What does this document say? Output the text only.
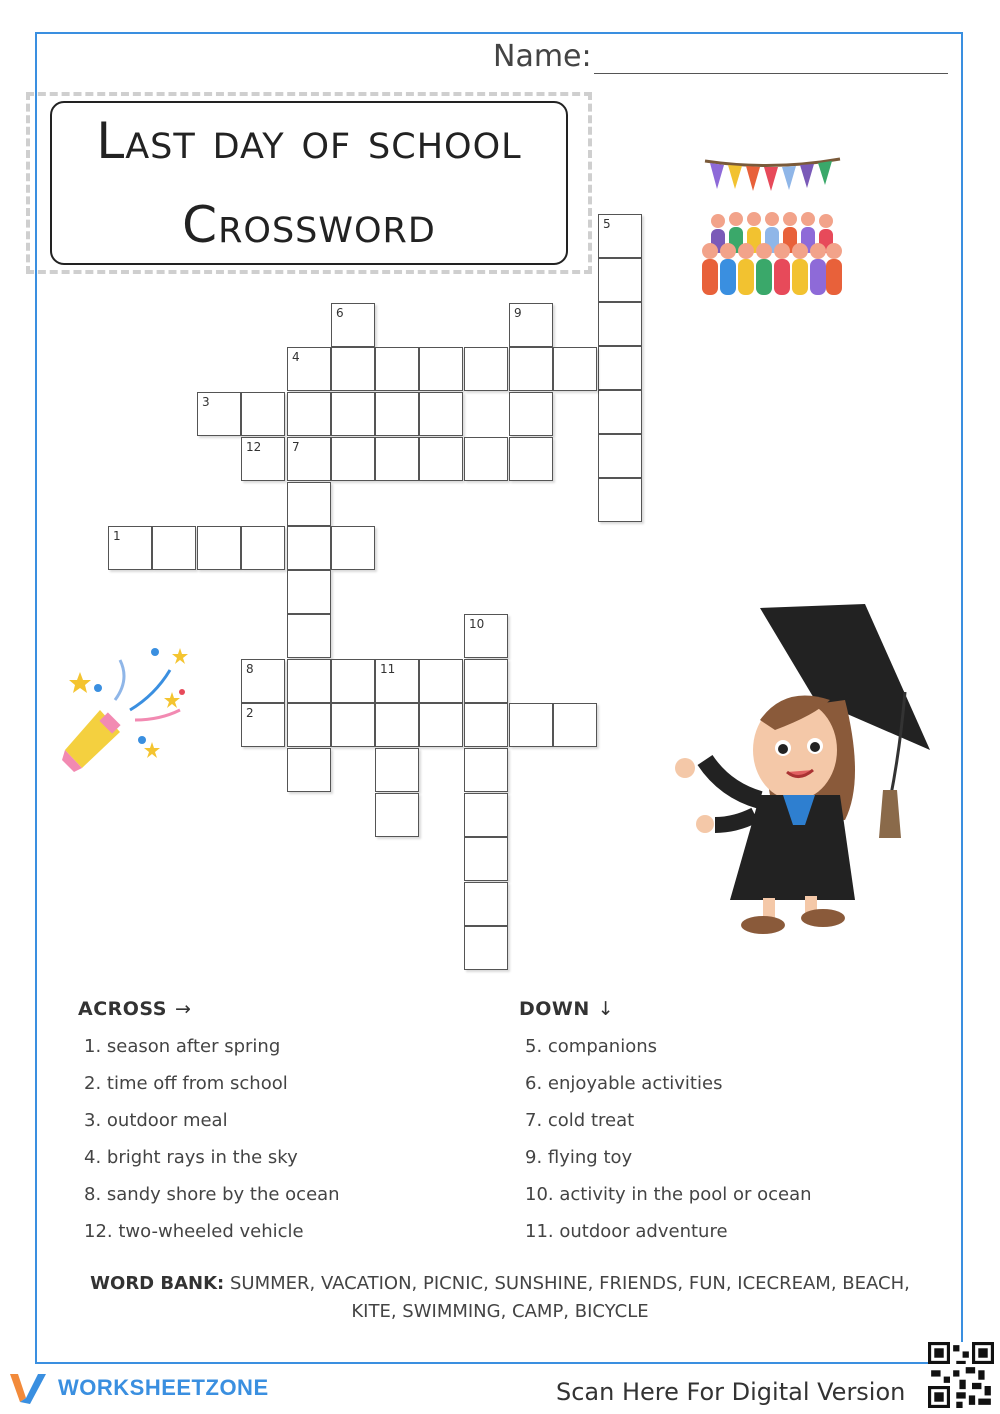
Name:
Last day of school
Crossword	5
6	9
4
3
12	7
1
10
8	11
2
ACROSS →	DOWN ↓
1. season after spring
2. time off from school
3. outdoor meal
4. bright rays in the sky
8. sandy shore by the ocean
12. two-wheeled vehicle
5. companions
6. enjoyable activities
7. cold treat
9. flying toy
10. activity in the pool or ocean
11. outdoor adventure
WORD BANK: SUMMER, VACATION, PICNIC, SUNSHINE, FRIENDS, FUN, ICECREAM, BEACH, KITE, SWIMMING, CAMP, BICYCLE
WORKSHEETZONE	Scan Here For Digital Version
